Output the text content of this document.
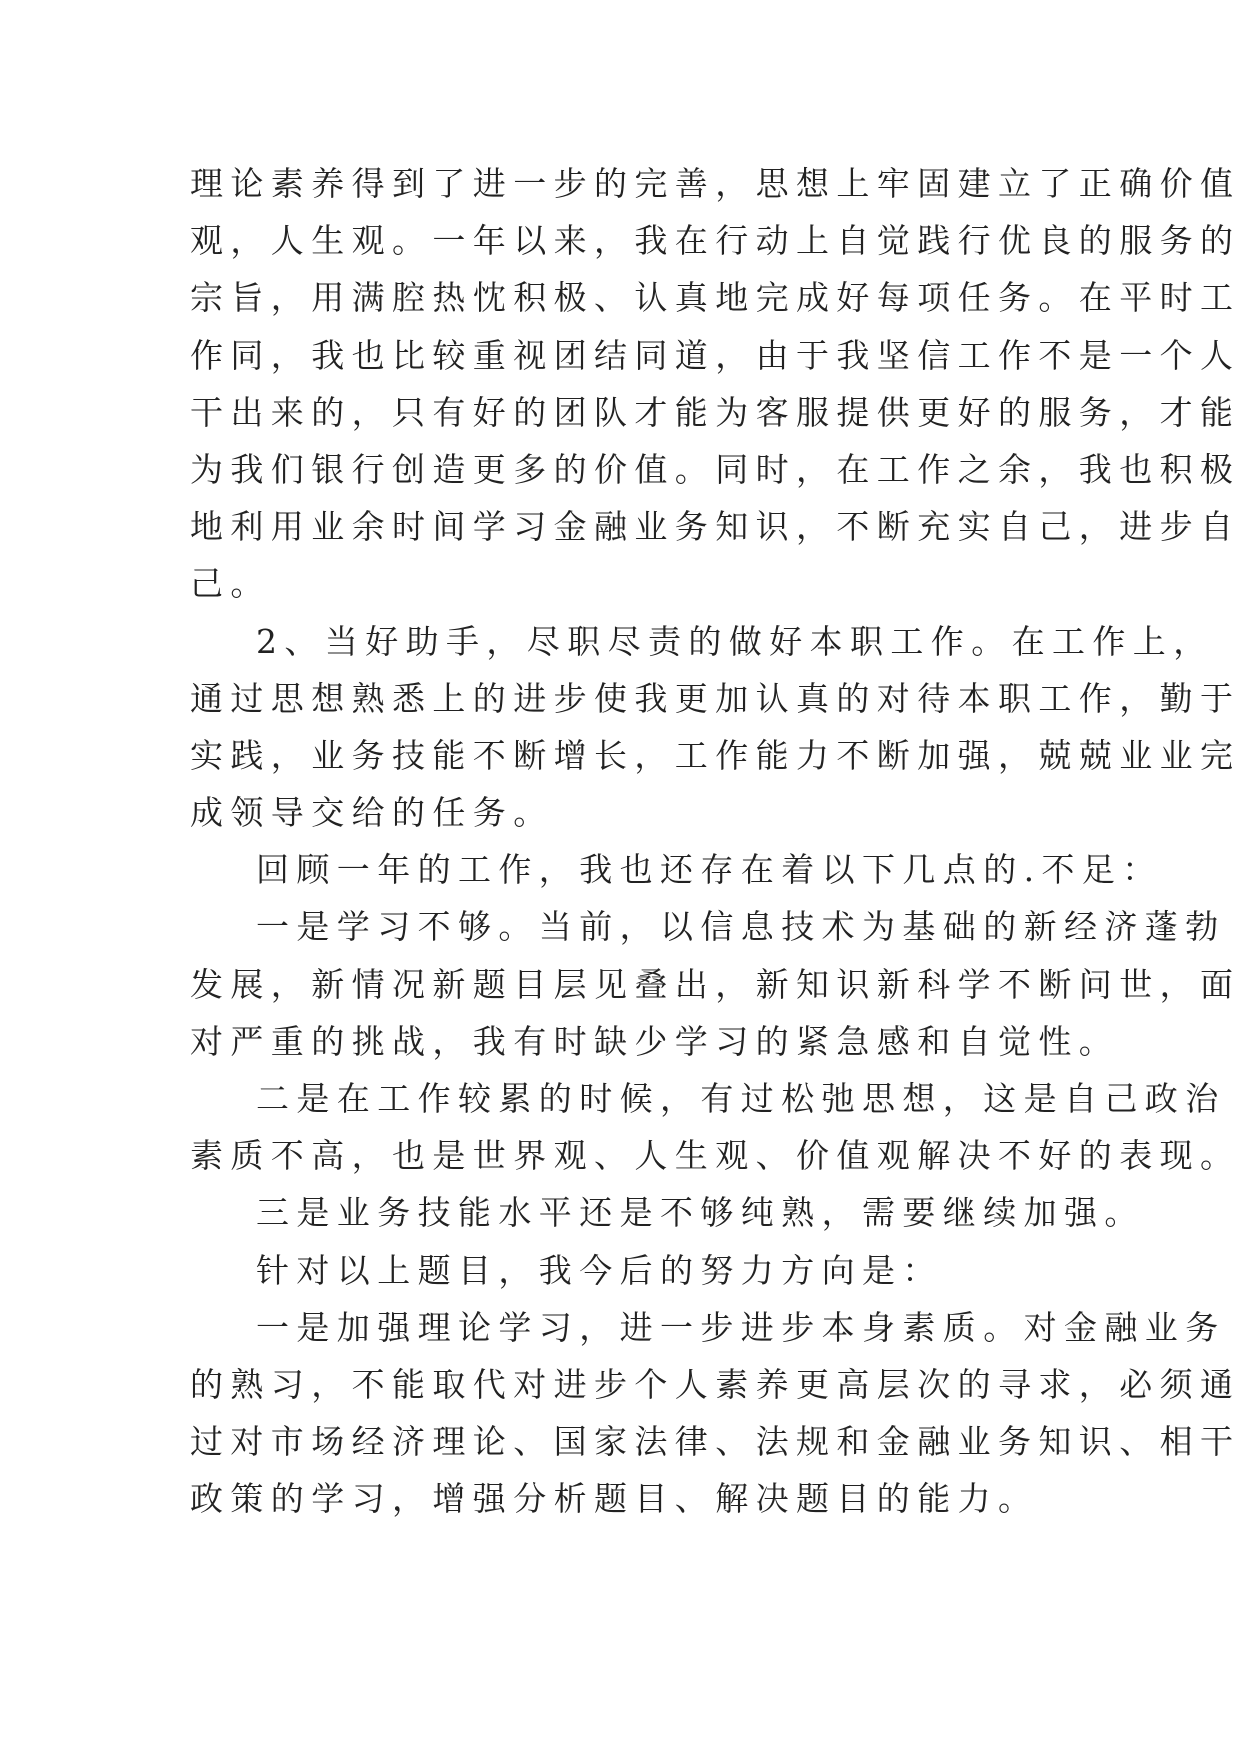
理论素养得到了进一步的完善，思想上牢固建立了正确价值
观，人生观。一年以来，我在行动上自觉践行优良的服务的
宗旨，用满腔热忱积极、认真地完成好每项任务。在平时工
作同，我也比较重视团结同道，由于我坚信工作不是一个人
干出来的，只有好的团队才能为客服提供更好的服务，才能
为我们银行创造更多的价值。同时，在工作之余，我也积极
地利用业余时间学习金融业务知识，不断充实自己，进步自
己。
2、当好助手，尽职尽责的做好本职工作。在工作上，
通过思想熟悉上的进步使我更加认真的对待本职工作，勤于
实践，业务技能不断增长，工作能力不断加强，兢兢业业完
成领导交给的任务。
回顾一年的工作，我也还存在着以下几点的.不足：
一是学习不够。当前，以信息技术为基础的新经济蓬勃
发展，新情况新题目层见叠出，新知识新科学不断问世，面
对严重的挑战，我有时缺少学习的紧急感和自觉性。
二是在工作较累的时候，有过松弛思想，这是自己政治
素质不高，也是世界观、人生观、价值观解决不好的表现。
三是业务技能水平还是不够纯熟，需要继续加强。
针对以上题目，我今后的努力方向是：
一是加强理论学习，进一步进步本身素质。对金融业务
的熟习，不能取代对进步个人素养更高层次的寻求，必须通
过对市场经济理论、国家法律、法规和金融业务知识、相干
政策的学习，增强分析题目、解决题目的能力。
